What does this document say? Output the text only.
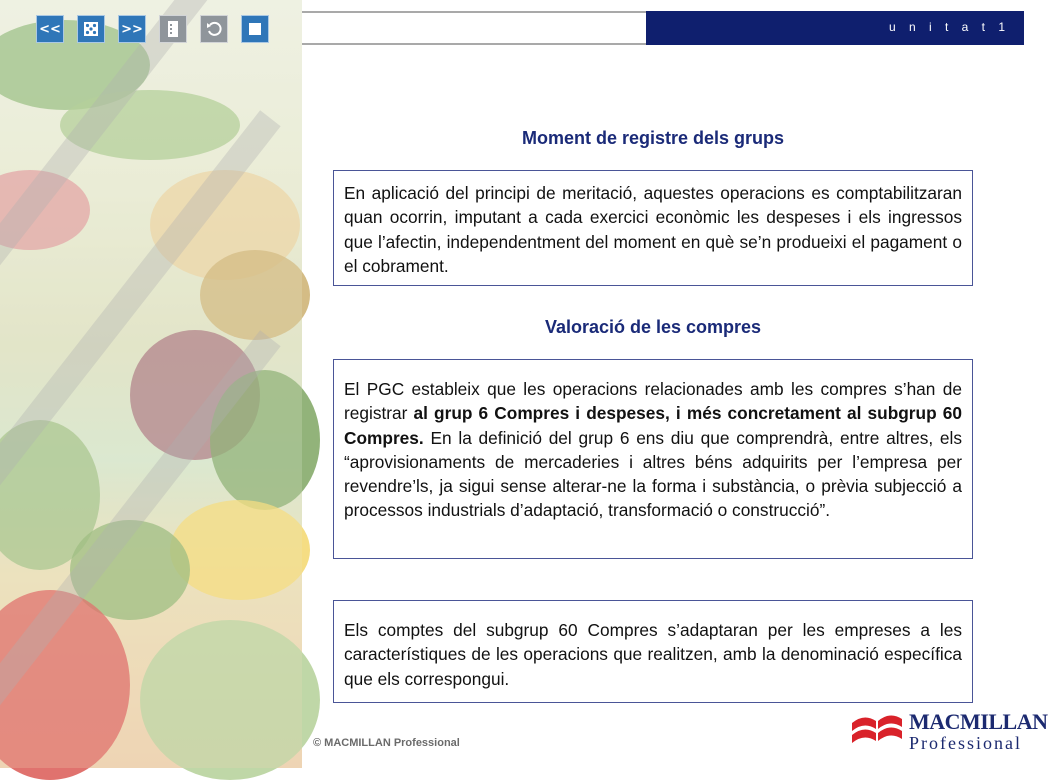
<<	>>	u n i t a t 1
Moment de registre dels grups
En aplicació del principi de meritació, aquestes operacions es comptabilitzaran quan ocorrin, imputant a cada exercici econòmic les despeses i els ingressos que l’afectin, independentment del moment en què se’n produeixi el pagament o el cobrament.
Valoració de les compres
El PGC estableix que les operacions relacionades amb les compres s’han de registrar al grup 6 Compres i despeses, i més concretament al subgrup 60 Compres. En la definició del grup 6 ens diu que comprendrà, entre altres, els “aprovisionaments de mercaderies i altres béns adquirits per l’empresa per revendre’ls, ja sigui sense alterar-ne la forma i substància, o prèvia subjecció a processos industrials d’adaptació, transformació o construcció”.
Els comptes del subgrup 60 Compres s’adaptaran per les empreses a les característiques de les operacions que realitzen, amb la denominació específica que els correspongui.
© MACMILLAN Professional
MACMILLAN
Professional
